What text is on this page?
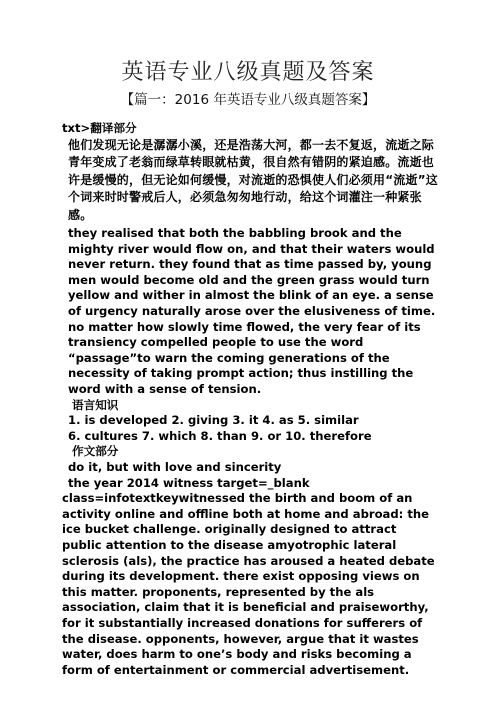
英语专业八级真题及答案
【篇一：2016 年英语专业八级真题答案】

txt>翻译部分

他们发现无论是潺潺小溪，还是浩荡大河，都一去不复返，流逝之际青年变成了老翁而绿草转眼就枯黄，很自然有错阴的紧迫感。流逝也许是缓慢的，但无论如何缓慢，对流逝的恐惧使人们必须用“流逝”这个词来时时警戒后人，必须急匆匆地行动，给这个词灌注一种紧张感。

they realised that both the babbling brook and the mighty river would flow on, and that their waters would never return. they found that as time passed by, young men would become old and the green grass would turn yellow and wither in almost the blink of an eye. a sense of urgency naturally arose over the elusiveness of time. no matter how slowly time flowed, the very fear of its transiency compelled people to use the word “passage”to warn the coming generations of the necessity of taking prompt action; thus instilling the word with a sense of tension.

语言知识

1. is developed 2. giving 3. it 4. as 5. similar

6. cultures 7. which 8. than 9. or 10. therefore

作文部分

do it, but with love and sincerity

the year 2014 witness target=_blank

class=infotextkeywitnessed the birth and boom of an activity online and offline both at home and abroad: the ice bucket challenge. originally designed to attract public attention to the disease amyotrophic lateral sclerosis (als), the practice has aroused a heated debate during its development. there exist opposing views on this matter. proponents, represented by the als association, claim that it is beneficial and praiseworthy, for it substantially increased donations for sufferers of the disease. opponents, however, argue that it wastes water, does harm to one’s body and risks becoming a form of entertainment or commercial advertisement.
